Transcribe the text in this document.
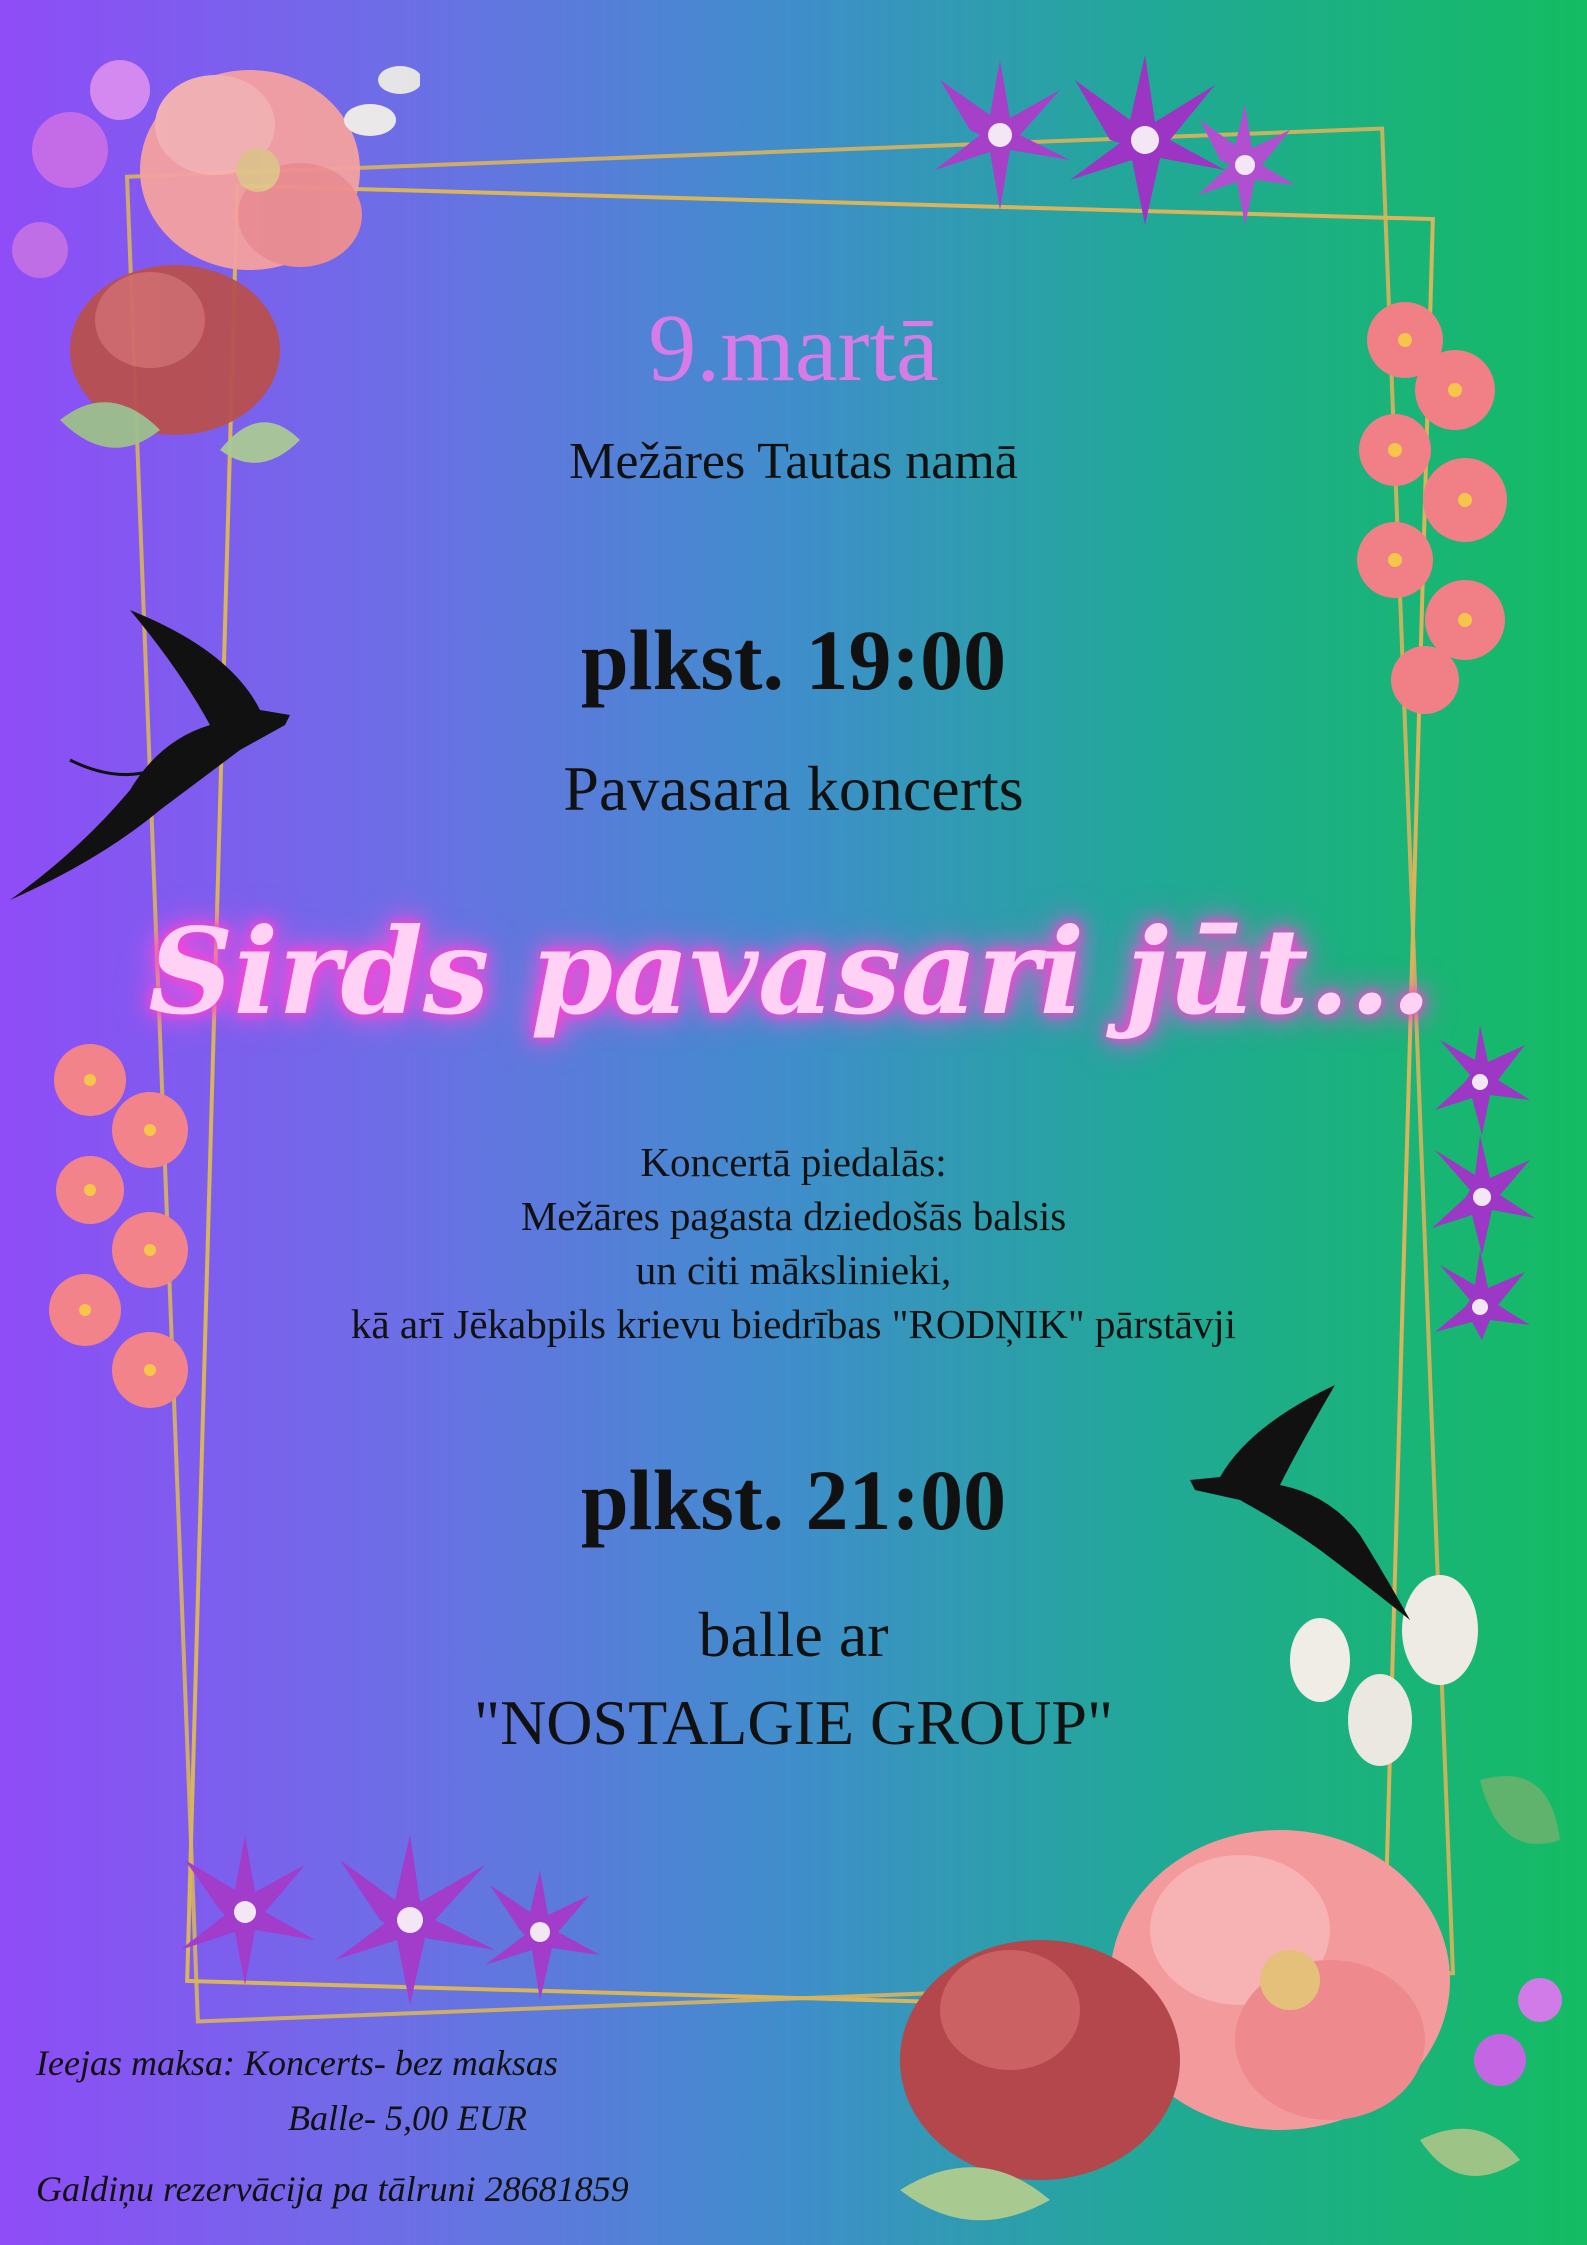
9.martā
Mežāres Tautas namā
plkst. 19:00
Pavasara koncerts
Sirds pavasari jūt...
Koncertā piedalās:
Mežāres pagasta dziedošās balsis
un citi mākslinieki,
kā arī Jēkabpils krievu biedrības "RODŅIK" pārstāvji
plkst. 21:00
balle ar
"NOSTALGIE GROUP"
Ieejas maksa: Koncerts- bez maksas
Balle- 5,00 EUR
Galdiņu rezervācija pa tālruni 28681859
